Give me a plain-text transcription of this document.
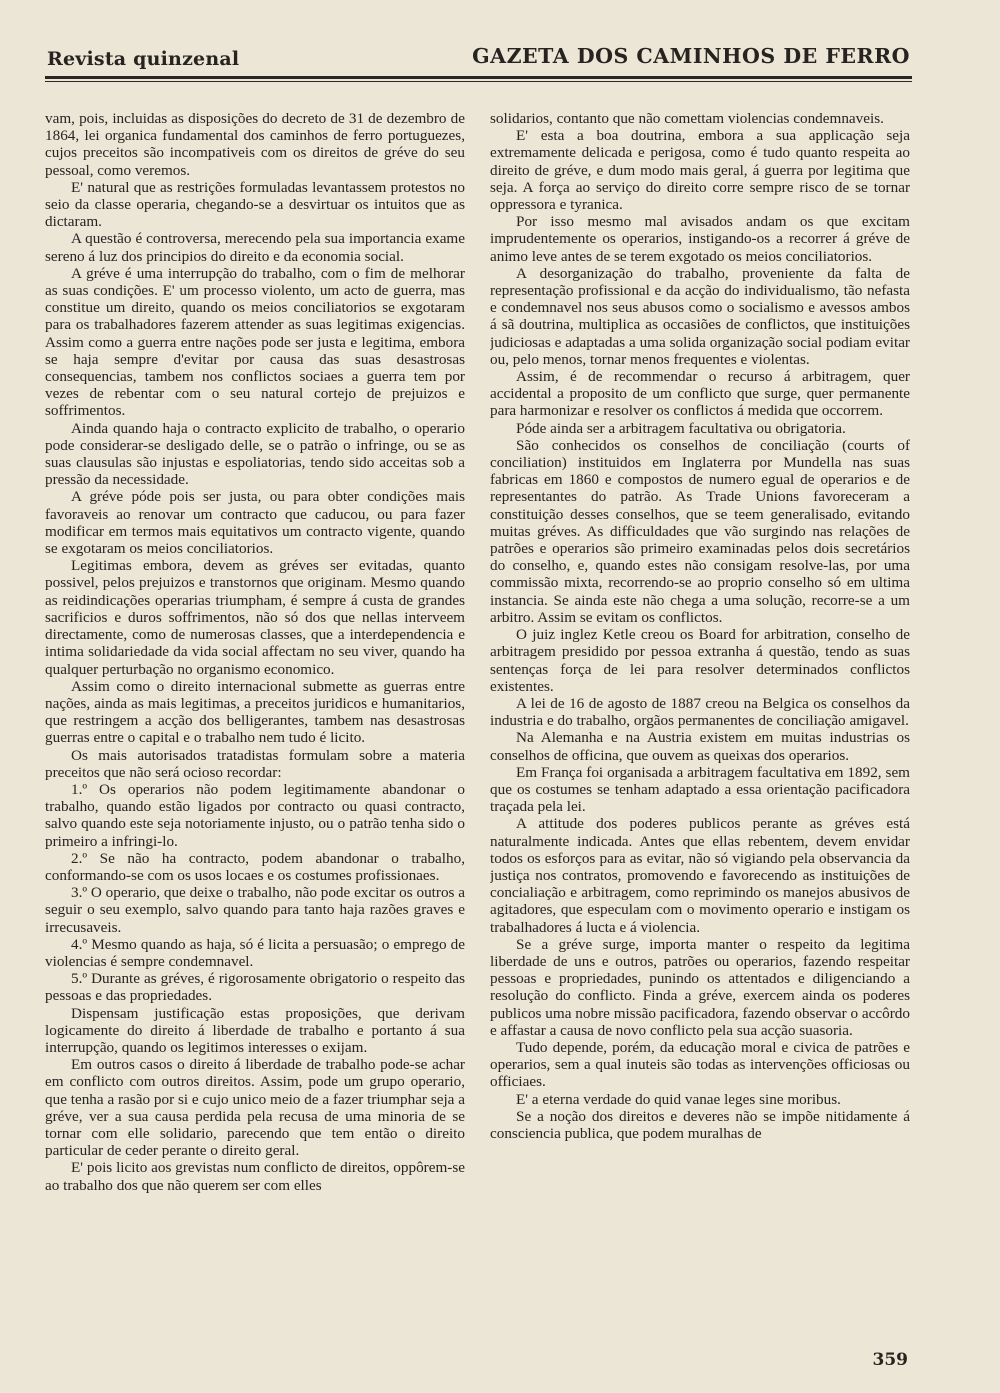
Revista quinzenal	GAZETA DOS CAMINHOS DE FERRO

vam, pois, incluidas as disposições do decreto de 31 de dezembro de 1864, lei organica fundamental dos caminhos de ferro portuguezes, cujos preceitos são incompativeis com os direitos de gréve do seu pessoal, como veremos.

E' natural que as restrições formuladas levantassem protestos no seio da classe operaria, chegando-se a desvirtuar os intuitos que as dictaram.

A questão é controversa, merecendo pela sua importancia exame sereno á luz dos principios do direito e da economia social.

A gréve é uma interrupção do trabalho, com o fim de melhorar as suas condições. E' um processo violento, um acto de guerra, mas constitue um direito, quando os meios conciliatorios se exgotaram para os trabalhadores fazerem attender as suas legitimas exigencias. Assim como a guerra entre nações pode ser justa e legitima, embora se haja sempre d'evitar por causa das suas desastrosas consequencias, tambem nos conflictos sociaes a guerra tem por vezes de rebentar com o seu natural cortejo de prejuizos e soffrimentos.

Ainda quando haja o contracto explicito de trabalho, o operario pode considerar-se desligado delle, se o patrão o infringe, ou se as suas clausulas são injustas e espoliatorias, tendo sido acceitas sob a pressão da necessidade.

A gréve póde pois ser justa, ou para obter condições mais favoraveis ao renovar um contracto que caducou, ou para fazer modificar em termos mais equitativos um contracto vigente, quando se exgotaram os meios conciliatorios.

Legitimas embora, devem as gréves ser evitadas, quanto possivel, pelos prejuizos e transtornos que originam. Mesmo quando as reidindicações operarias triumpham, é sempre á custa de grandes sacrificios e duros soffrimentos, não só dos que nellas interveem directamente, como de numerosas classes, que a interdependencia e intima solidariedade da vida social affectam no seu viver, quando ha qualquer perturbação no organismo economico.

Assim como o direito internacional submette as guerras entre nações, ainda as mais legitimas, a preceitos juridicos e humanitarios, que restringem a acção dos belligerantes, tambem nas desastrosas guerras entre o capital e o trabalho nem tudo é licito.

Os mais autorisados tratadistas formulam sobre a materia preceitos que não será ocioso recordar:

1.º Os operarios não podem legitimamente abandonar o trabalho, quando estão ligados por contracto ou quasi contracto, salvo quando este seja notoriamente injusto, ou o patrão tenha sido o primeiro a infringi-lo.

2.º Se não ha contracto, podem abandonar o trabalho, conformando-se com os usos locaes e os costumes profissionaes.

3.º O operario, que deixe o trabalho, não pode excitar os outros a seguir o seu exemplo, salvo quando para tanto haja razões graves e irrecusaveis.

4.º Mesmo quando as haja, só é licita a persuasão; o emprego de violencias é sempre condemnavel.

5.º Durante as gréves, é rigorosamente obrigatorio o respeito das pessoas e das propriedades.

Dispensam justificação estas proposições, que derivam logicamente do direito á liberdade de trabalho e portanto á sua interrupção, quando os legitimos interesses o exijam.

Em outros casos o direito á liberdade de trabalho pode-se achar em conflicto com outros direitos. Assim, pode um grupo operario, que tenha a rasão por si e cujo unico meio de a fazer triumphar seja a gréve, ver a sua causa perdida pela recusa de uma minoria de se tornar com elle solidario, parecendo que tem então o direito particular de ceder perante o direito geral.

E' pois licito aos grevistas num conflicto de direitos, oppôrem-se ao trabalho dos que não querem ser com elles

solidarios, contanto que não comettam violencias condemnaveis.

E' esta a boa doutrina, embora a sua applicação seja extremamente delicada e perigosa, como é tudo quanto respeita ao direito de gréve, e dum modo mais geral, á guerra por legitima que seja. A força ao serviço do direito corre sempre risco de se tornar oppressora e tyranica.

Por isso mesmo mal avisados andam os que excitam imprudentemente os operarios, instigando-os a recorrer á gréve de animo leve antes de se terem exgotado os meios conciliatorios.

A desorganização do trabalho, proveniente da falta de representação profissional e da acção do individualismo, tão nefasta e condemnavel nos seus abusos como o socialismo e avessos ambos á sã doutrina, multiplica as occasiões de conflictos, que instituições judiciosas e adaptadas a uma solida organização social podiam evitar ou, pelo menos, tornar menos frequentes e violentas.

Assim, é de recommendar o recurso á arbitragem, quer accidental a proposito de um conflicto que surge, quer permanente para harmonizar e resolver os conflictos á medida que occorrem.

Póde ainda ser a arbitragem facultativa ou obrigatoria.

São conhecidos os conselhos de conciliação (courts of conciliation) instituidos em Inglaterra por Mundella nas suas fabricas em 1860 e compostos de numero egual de operarios e de representantes do patrão. As Trade Unions favoreceram a constituição desses conselhos, que se teem generalisado, evitando muitas gréves. As difficuldades que vão surgindo nas relações de patrões e operarios são primeiro examinadas pelos dois secretários do conselho, e, quando estes não consigam resolve-las, por uma commissão mixta, recorrendo-se ao proprio conselho só em ultima instancia. Se ainda este não chega a uma solução, recorre-se a um arbitro. Assim se evitam os conflictos.

O juiz inglez Ketle creou os Board for arbitration, conselho de arbitragem presidido por pessoa extranha á questão, tendo as suas sentenças força de lei para resolver determinados conflictos existentes.

A lei de 16 de agosto de 1887 creou na Belgica os conselhos da industria e do trabalho, orgãos permanentes de conciliação amigavel.

Na Alemanha e na Austria existem em muitas industrias os conselhos de officina, que ouvem as queixas dos operarios.

Em França foi organisada a arbitragem facultativa em 1892, sem que os costumes se tenham adaptado a essa orientação pacificadora traçada pela lei.

A attitude dos poderes publicos perante as gréves está naturalmente indicada. Antes que ellas rebentem, devem envidar todos os esforços para as evitar, não só vigiando pela observancia da justiça nos contratos, promovendo e favorecendo as instituições de concialiação e arbitragem, como reprimindo os manejos abusivos de agitadores, que especulam com o movimento operario e instigam os trabalhadores á lucta e á violencia.

Se a gréve surge, importa manter o respeito da legitima liberdade de uns e outros, patrões ou operarios, fazendo respeitar pessoas e propriedades, punindo os attentados e diligenciando a resolução do conflicto. Finda a gréve, exercem ainda os poderes publicos uma nobre missão pacificadora, fazendo observar o accôrdo e affastar a causa de novo conflicto pela sua acção suasoria.

Tudo depende, porém, da educação moral e civica de patrões e operarios, sem a qual inuteis são todas as intervenções officiosas ou officiaes.

E' a eterna verdade do quid vanae leges sine moribus.

Se a noção dos direitos e deveres não se impõe nitidamente á consciencia publica, que podem muralhas de

359
